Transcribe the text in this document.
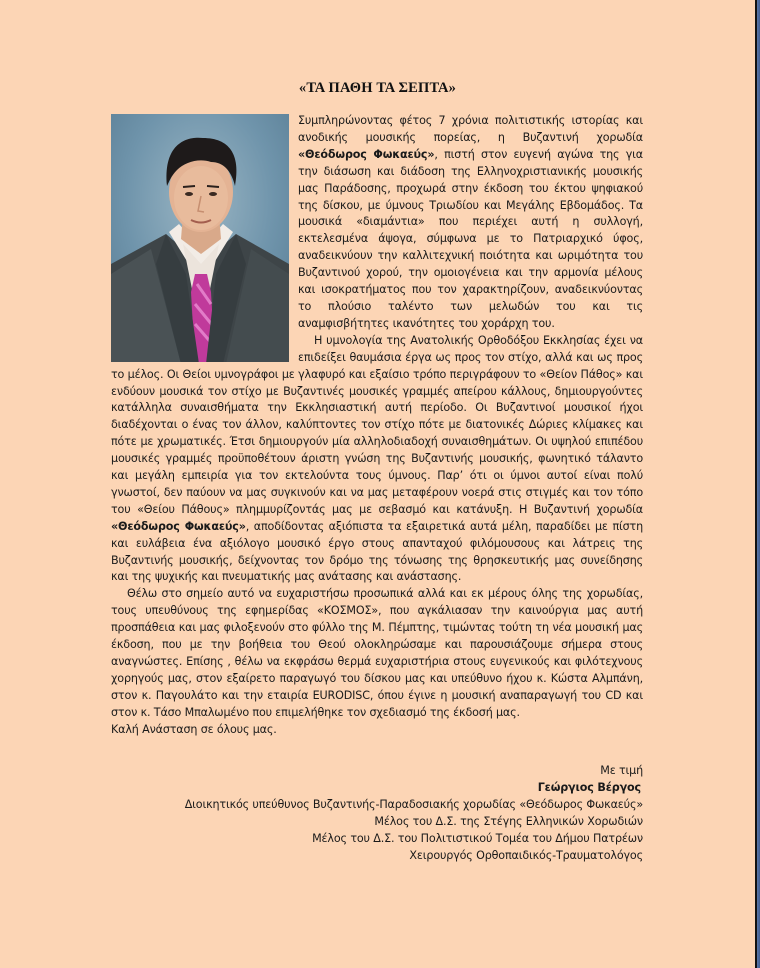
«ΤΑ ΠΑΘΗ ΤΑ ΣΕΠΤΑ»

Συμπληρώνοντας φέτος 7 χρόνια πολιτιστικής ιστορίας και ανοδικής μουσικής πορείας, η Βυζαντινή χορωδία «Θεόδωρος Φωκαεύς», πιστή στον ευγενή αγώνα της για την διάσωση και διάδοση της Ελληνοχριστιανικής μουσικής μας Παράδοσης, προχωρά στην έκδοση του έκτου ψηφιακού της δίσκου, με ύμνους Τριωδίου και Μεγάλης Εβδομάδος. Τα μουσικά «διαμάντια» που περιέχει αυτή η συλλογή, εκτελεσμένα άψογα, σύμφωνα με το Πατριαρχικό ύφος, αναδεικνύουν την καλλιτεχνική ποιότητα και ωριμότητα του Βυζαντινού χορού, την ομοιογένεια και την αρμονία μέλους και ισοκρατήματος που τον χαρακτηρίζουν, αναδεικνύοντας το πλούσιο ταλέντο των μελωδών του και τις αναμφισβήτητες ικανότητες του χοράρχη του.

Η υμνολογία της Ανατολικής Ορθοδόξου Εκκλησίας έχει να επιδείξει θαυμάσια έργα ως προς τον στίχο, αλλά και ως προς το μέλος. Οι Θείοι υμνογράφοι με γλαφυρό και εξαίσιο τρόπο περιγράφουν το «Θείον Πάθος» και ενδύουν μουσικά τον στίχο με Βυζαντινές μουσικές γραμμές απείρου κάλλους, δημιουργούντες κατάλληλα συναισθήματα την Εκκλησιαστική αυτή περίοδο. Οι Βυζαντινοί μουσικοί ήχοι διαδέχονται ο ένας τον άλλον, καλύπτοντες τον στίχο πότε με διατονικές Δώριες κλίμακες και πότε με χρωματικές. Έτσι δημιουργούν μία αλληλοδιαδοχή συναισθημάτων. Οι υψηλού επιπέδου μουσικές γραμμές προϋποθέτουν άριστη γνώση της Βυζαντινής μουσικής, φωνητικό τάλαντο και μεγάλη εμπειρία για τον εκτελούντα τους ύμνους. Παρ’ ότι οι ύμνοι αυτοί είναι πολύ γνωστοί, δεν παύουν να μας συγκινούν και να μας μεταφέρουν νοερά στις στιγμές και τον τόπο του «Θείου Πάθους» πλημμυρίζοντάς μας με σεβασμό και κατάνυξη. Η Βυζαντινή χορωδία «Θεόδωρος Φωκαεύς», αποδίδοντας αξιόπιστα τα εξαιρετικά αυτά μέλη, παραδίδει με πίστη και ευλάβεια ένα αξιόλογο μουσικό έργο στους απανταχού φιλόμουσους και λάτρεις της Βυζαντινής μουσικής, δείχνοντας τον δρόμο της τόνωσης της θρησκευτικής μας συνείδησης και της ψυχικής και πνευματικής μας ανάτασης και ανάστασης.

Θέλω στο σημείο αυτό να ευχαριστήσω προσωπικά αλλά και εκ μέρους όλης της χορωδίας, τους υπευθύνους της εφημερίδας «ΚΟΣΜΟΣ», που αγκάλιασαν την καινούργια μας αυτή προσπάθεια και μας φιλοξενούν στο φύλλο της Μ. Πέμπτης, τιμώντας τούτη τη νέα μουσική μας έκδοση, που με την βοήθεια του Θεού ολοκληρώσαμε και παρουσιάζουμε σήμερα στους αναγνώστες. Επίσης , θέλω να εκφράσω θερμά ευχαριστήρια στους ευγενικούς και φιλότεχνους χορηγούς μας, στον εξαίρετο παραγωγό του δίσκου μας και υπεύθυνο ήχου κ. Κώστα Αλμπάνη, στον κ. Παγουλάτο και την εταιρία EURODISC, όπου έγινε η μουσική αναπαραγωγή του CD και στον κ. Τάσο Μπαλωμένο που επιμελήθηκε τον σχεδιασμό της έκδοσή μας.

Καλή Ανάσταση σε όλους μας.

Με τιμή
Γεώργιος Βέργος
Διοικητικός υπεύθυνος Βυζαντινής-Παραδοσιακής χορωδίας «Θεόδωρος Φωκαεύς»
Μέλος του Δ.Σ. της Στέγης Ελληνικών Χορωδιών
Μέλος του Δ.Σ. του Πολιτιστικού Τομέα του Δήμου Πατρέων
Χειρουργός Ορθοπαιδικός-Τραυματολόγος
